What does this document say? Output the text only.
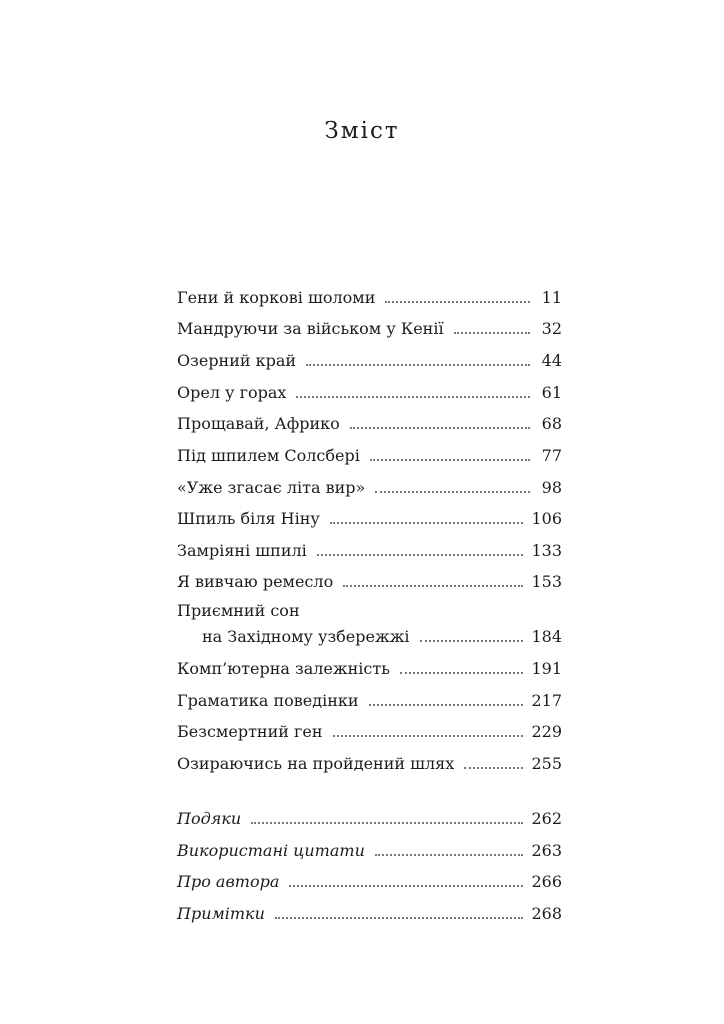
Зміст
Гени й коркові шоломи	11
Мандруючи за військом у Кенії	32
Озерний край	44
Орел у горах	61
Прощавай, Африко	68
Під шпилем Солсбері	77
«Уже згасає літа вир»	98
Шпиль біля Ніну	106
Замріяні шпилі	133
Я вивчаю ремесло	153
Приємний сон
на Західному узбережжі	184
Комп’ютерна залежність	191
Граматика поведінки	217
Безсмертний ген	229
Озираючись на пройдений шлях	255
Подяки	262
Використані цитати	263
Про автора	266
Примітки	268
